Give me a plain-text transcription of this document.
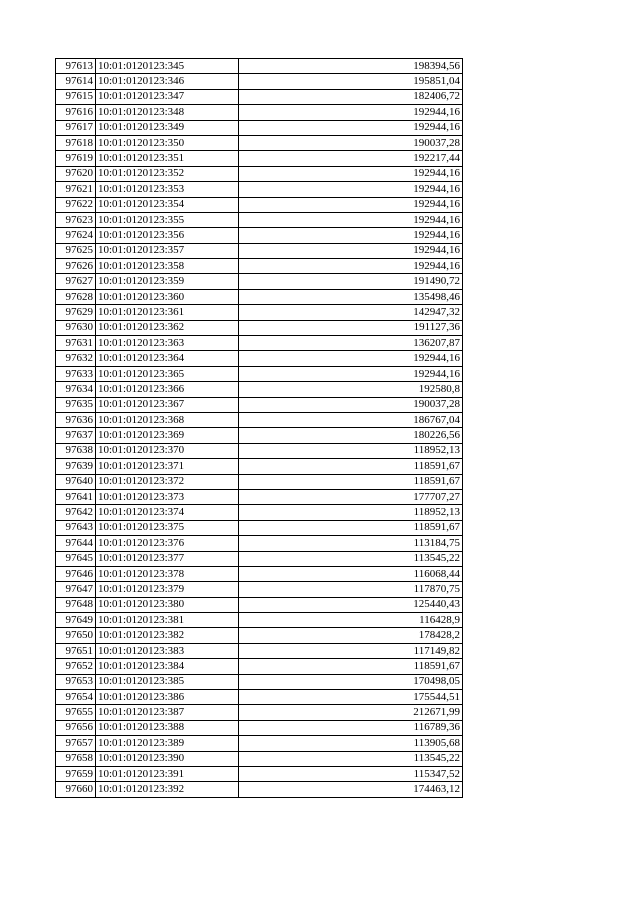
97613	10:01:0120123:345	198394,56
97614	10:01:0120123:346	195851,04
97615	10:01:0120123:347	182406,72
97616	10:01:0120123:348	192944,16
97617	10:01:0120123:349	192944,16
97618	10:01:0120123:350	190037,28
97619	10:01:0120123:351	192217,44
97620	10:01:0120123:352	192944,16
97621	10:01:0120123:353	192944,16
97622	10:01:0120123:354	192944,16
97623	10:01:0120123:355	192944,16
97624	10:01:0120123:356	192944,16
97625	10:01:0120123:357	192944,16
97626	10:01:0120123:358	192944,16
97627	10:01:0120123:359	191490,72
97628	10:01:0120123:360	135498,46
97629	10:01:0120123:361	142947,32
97630	10:01:0120123:362	191127,36
97631	10:01:0120123:363	136207,87
97632	10:01:0120123:364	192944,16
97633	10:01:0120123:365	192944,16
97634	10:01:0120123:366	192580,8
97635	10:01:0120123:367	190037,28
97636	10:01:0120123:368	186767,04
97637	10:01:0120123:369	180226,56
97638	10:01:0120123:370	118952,13
97639	10:01:0120123:371	118591,67
97640	10:01:0120123:372	118591,67
97641	10:01:0120123:373	177707,27
97642	10:01:0120123:374	118952,13
97643	10:01:0120123:375	118591,67
97644	10:01:0120123:376	113184,75
97645	10:01:0120123:377	113545,22
97646	10:01:0120123:378	116068,44
97647	10:01:0120123:379	117870,75
97648	10:01:0120123:380	125440,43
97649	10:01:0120123:381	116428,9
97650	10:01:0120123:382	178428,2
97651	10:01:0120123:383	117149,82
97652	10:01:0120123:384	118591,67
97653	10:01:0120123:385	170498,05
97654	10:01:0120123:386	175544,51
97655	10:01:0120123:387	212671,99
97656	10:01:0120123:388	116789,36
97657	10:01:0120123:389	113905,68
97658	10:01:0120123:390	113545,22
97659	10:01:0120123:391	115347,52
97660	10:01:0120123:392	174463,12
